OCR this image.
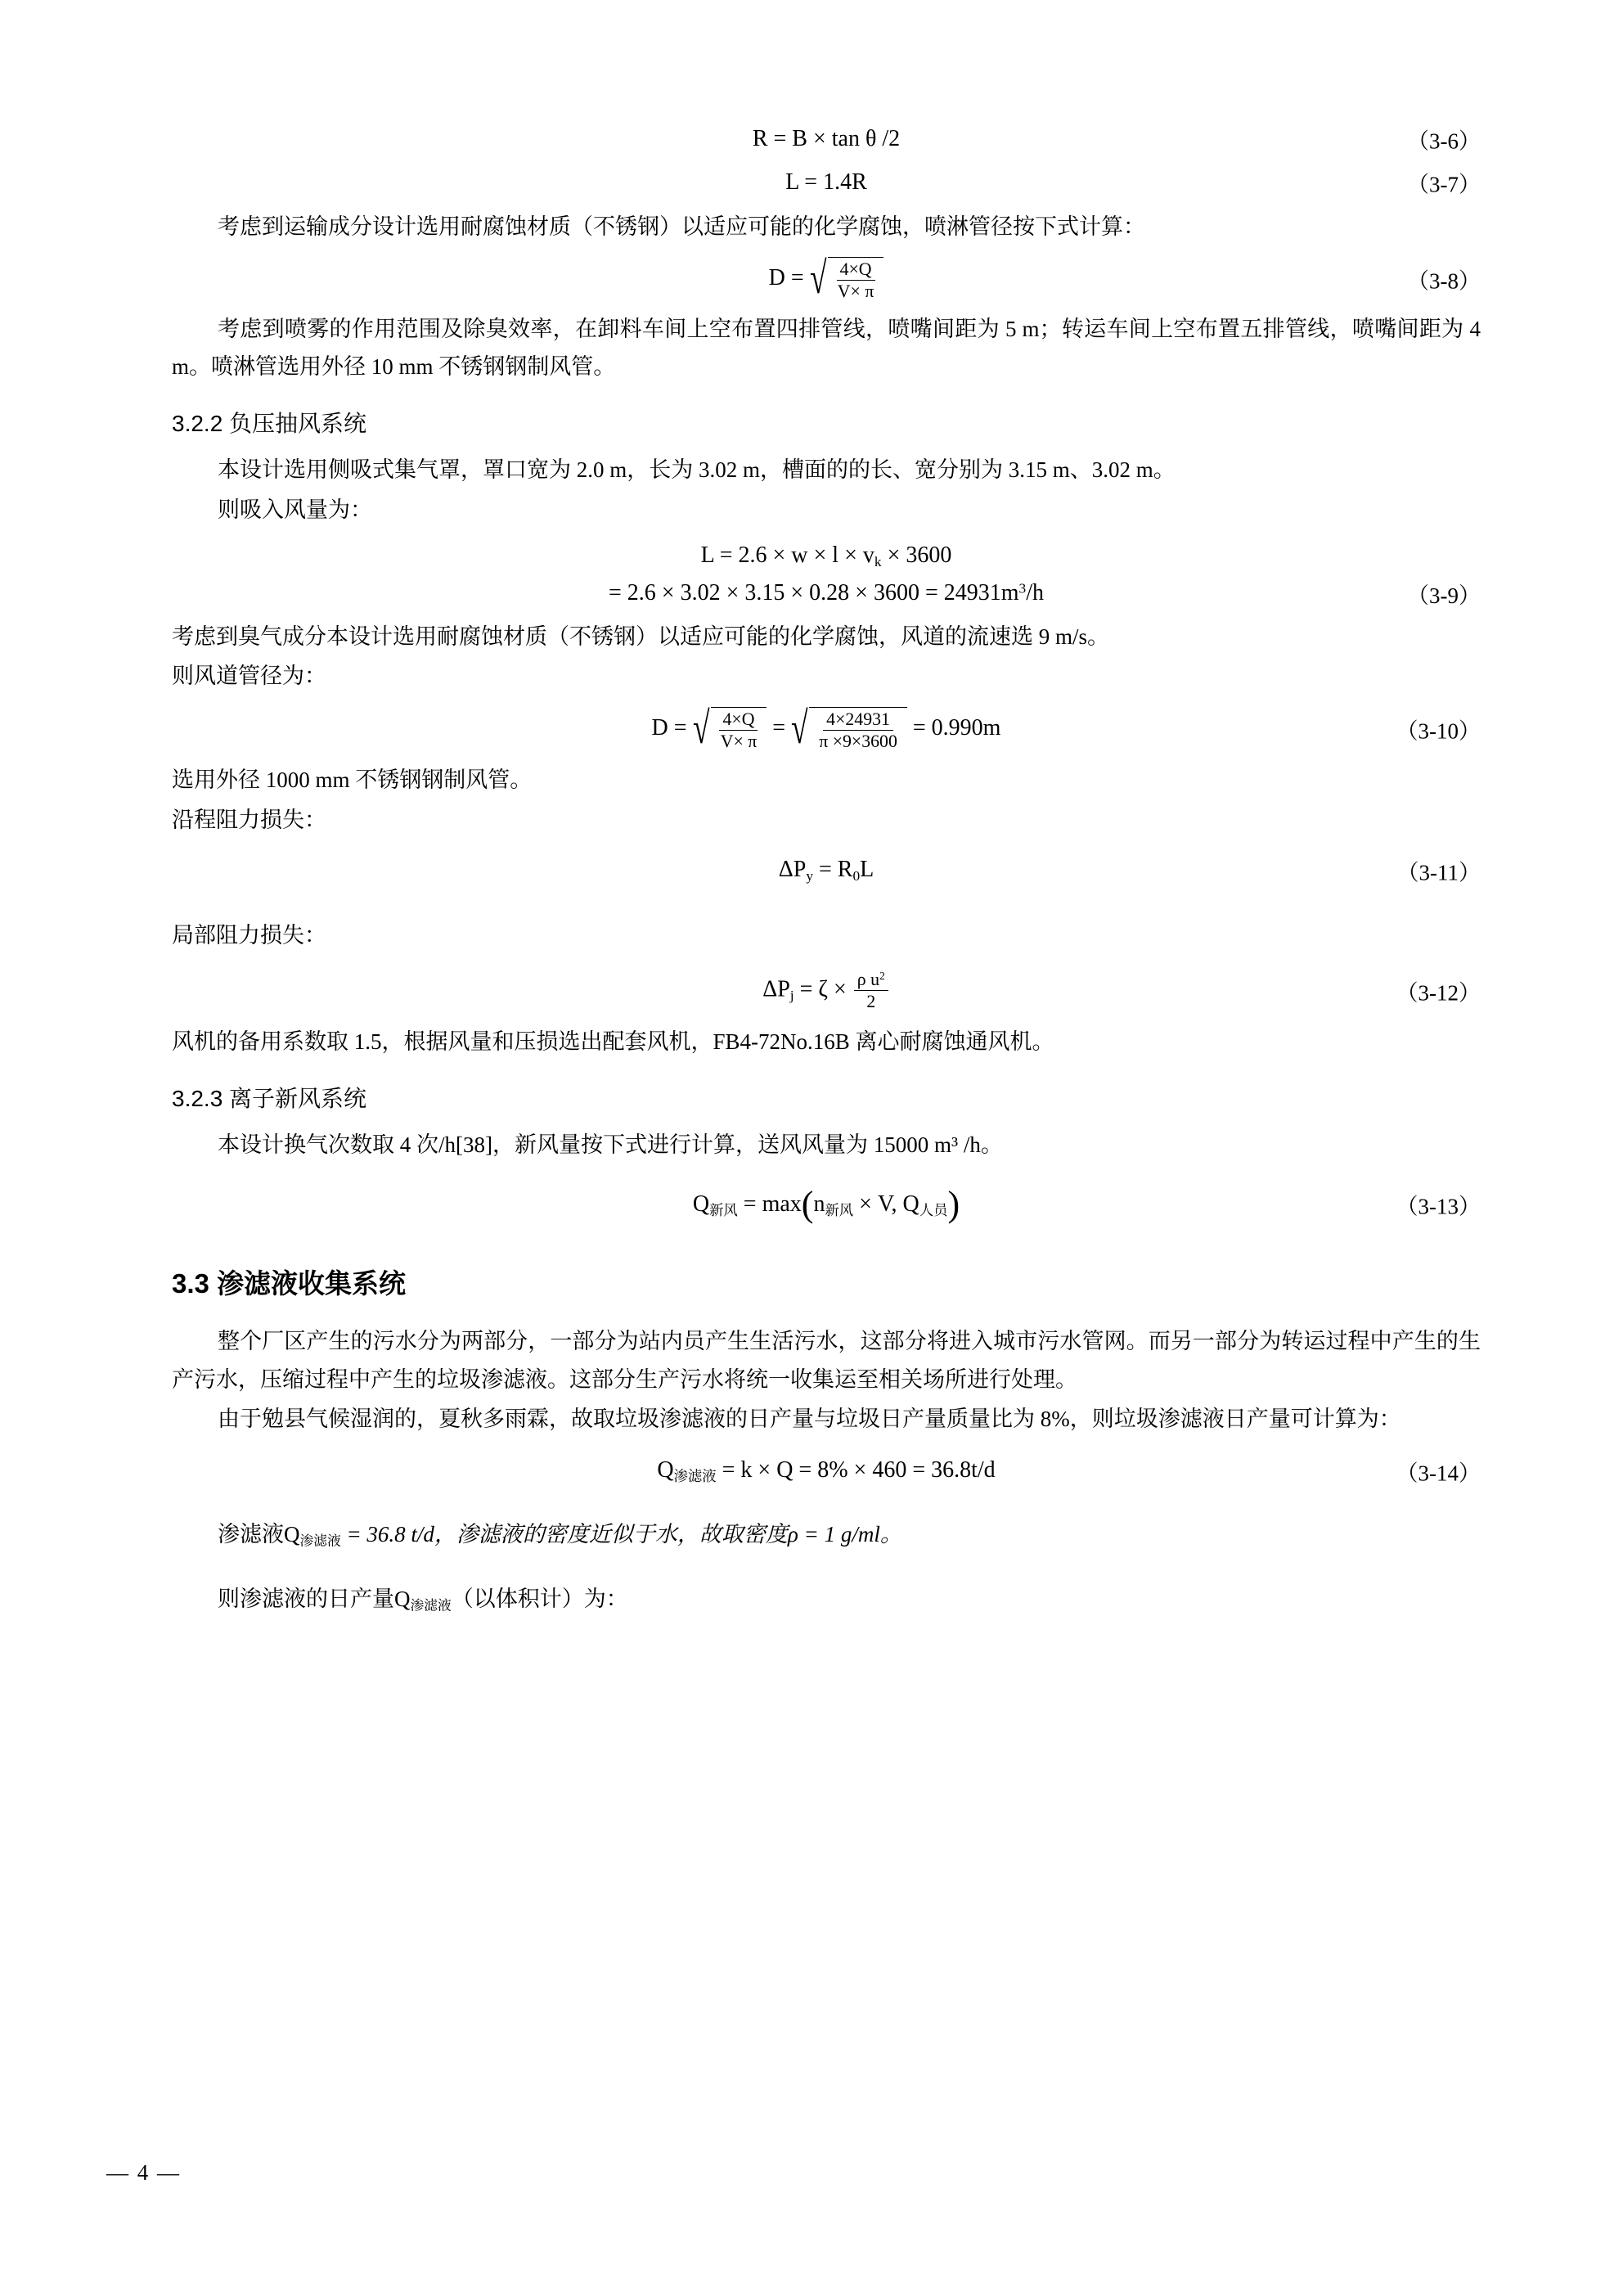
R = B × tan θ /2	（3-6）
L = 1.4R	（3-7）

考虑到运输成分设计选用耐腐蚀材质（不锈钢）以适应可能的化学腐蚀，喷淋管径按下式计算：

D = √ $\frac{4\times Q}{V\times \pi}$	（3-8）

考虑到喷雾的作用范围及除臭效率，在卸料车间上空布置四排管线，喷嘴间距为 5 m；转运车间上空布置五排管线，喷嘴间距为 4 m。喷淋管选用外径 10 mm 不锈钢钢制风管。

3.2.2 负压抽风系统

本设计选用侧吸式集气罩，罩口宽为 2.0 m，长为 3.02 m，槽面的的长、宽分别为 3.15 m、3.02 m。

则吸入风量为：

$L = 2.6 \times w \times l \times v_k \times 3600$
= $2.6 \times 3.02 \times 3.15 \times 0.28 \times 3600 = 24931m^3/h$	（3-9）

考虑到臭气成分本设计选用耐腐蚀材质（不锈钢）以适应可能的化学腐蚀，风道的流速选 9 m/s。

则风道管径为：

D = √ $\frac{4\times Q}{V\times \pi}$ = √ $\frac{4\times 24931}{\pi \times 9\times 3600} = 0.990m$	（3-10）

选用外径 1000 mm 不锈钢钢制风管。

沿程阻力损失：

$\Delta P_y = R_0L$	（3-11）

局部阻力损失：

$\Delta P_j = \zeta \times \frac{\rho u^2}{2}$	（3-12）

风机的备用系数取 1.5，根据风量和压损选出配套风机，FB4-72No.16B 离心耐腐蚀通风机。

3.2.3 离子新风系统

本设计换气次数取 4 次/h[38]，新风量按下式进行计算，送风风量为 15000 m³ /h。

$Q_{新风} = \max(n_{新风} \times V$, $Q_{人员}$)	（3-13）
3.3 渗滤液收集系统

整个厂区产生的污水分为两部分，一部分为站内员产生生活污水，这部分将进入城市污水管网。而另一部分为转运过程中产生的生产污水，压缩过程中产生的垃圾渗滤液。这部分生产污水将统一收集运至相关场所进行处理。

由于勉县气候湿润的，夏秋多雨霖，故取垃圾渗滤液的日产量与垃圾日产量质量比为 8%，则垃圾渗滤液日产量可计算为：

$Q_{渗滤液} = k \times Q = 8\% \times 460 = 36.8t/d$	（3-14）

渗滤液$Q_{渗滤液} = 36.8$ t/d，渗滤液的密度近似于水，故取密度ρ = 1 g/ml。

则渗滤液的日产量$Q_{渗滤液}$（以体积计）为：

— 4 —
